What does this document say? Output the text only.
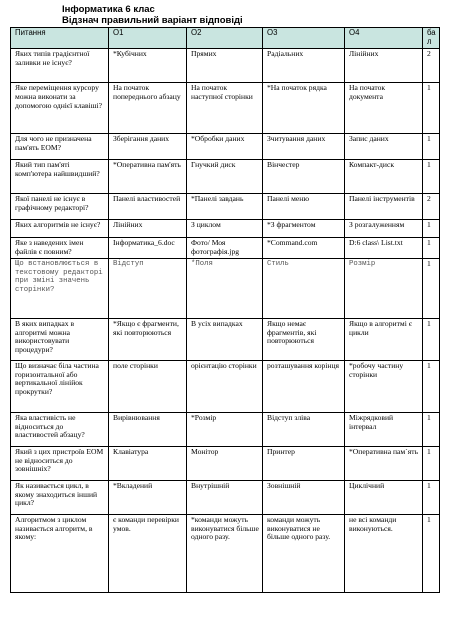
Інформатика 6 клас
Відзнач правильний варіант відповіді
Питання	О1	О2	О3	О4	ба л
Яких типів градієнтної заливки не існує?	*Кубічних	Прямих	Радіальних	Лінійних	2
Яке переміщення курсору можна виконати за допомогою однієї клавіші?	На початок попереднього абзацу	На початок наступної сторінки	*На початок рядка	На початок документа	1
Для чого не призначена пам'ять ЕОМ?	Зберігання даних	*Обробки даних	Зчитування даних	Запис даних	1
Який тип пам'яті комп'ютера найшвидший?	*Оперативна пам'ять	Гнучкий диск	Вінчестер	Компакт-диск	1
Якої панелі не існує в графічному редакторі?	Панелі властивостей	*Панелі завдань	Панелі меню	Панелі інструментів	2
Яких алгоритмів не існує?	Лінійних	З циклом	*З фрагментом	З розгалуженням	1
Яке з наведених імен файлів є повним?	Інформатика_6.doc	Фото/ Моя фотографія.jpg	*Command.com	D:6 class\ List.txt	1
Що встановлюється в текстовому редакторі при зміні значень сторінки?	Відступ	*Поля	Стиль	Розмір	1
В яких випадках в алгоритмі можна використовувати процедури?	*Якщо є фрагменти, які повторюються	В усіх випадках	Якщо немає фрагментів, які повторюються	Якщо в алгоритмі є цикли	1
Що визначає біла частина горизонтальної або вертикальної лінійок прокрутки?	поле сторінки	орієнтацію сторінки	розташування корінця	*робочу частину сторінки	1
Яка властивість не відноситься до властивостей абзацу?	Вирівнювання	*Розмір	Відступ зліва	Міжрядковий інтервал	1
Який з цих пристроїв ЕОМ не відноситься до зовнішніх?	Клавіатура	Монітор	Принтер	*Оперативна пам`ять	1
Як називається цикл, в якому знаходиться інший цикл?	*Вкладений	Внутрішній	Зовнішній	Циклічний	1
Алгоритмом з циклом називається алгоритм, в якому:	є команди перевірки умов.	*команди можуть виконуватися більше одного разу.	команди можуть виконуватися не більше одного разу.	не всі команди виконуються.	1
